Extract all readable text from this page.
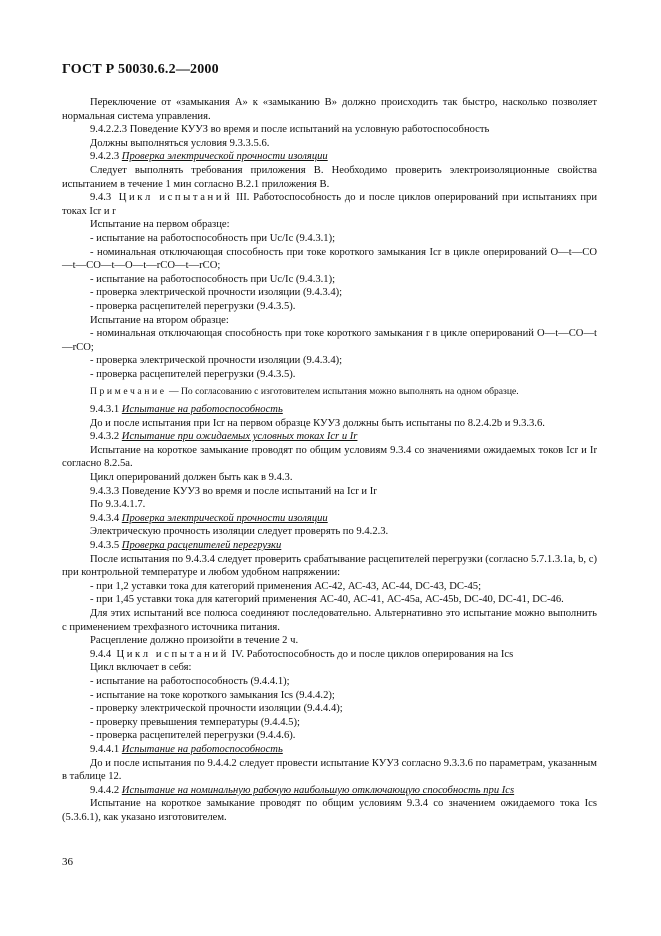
ГОСТ Р 50030.6.2—2000

Переключение от «замыкания А» к «замыканию В» должно происходить так быстро, насколько позволяет нормальная система управления.

9.4.2.2.3 Поведение КУУЗ во время и после испытаний на условную работоспособность

Должны выполняться условия 9.3.3.5.6.

9.4.2.3 Проверка электрической прочности изоляции

Следует выполнять требования приложения В. Необходимо проверить электроизоляционные свойства испытанием в течение 1 мин согласно В.2.1 приложения В.

9.4.3 Цикл испытаний III. Работоспособность до и после циклов оперирований при испытаниях при токах Icr и r

Испытание на первом образце:

- испытание на работоспособность при Uc/Ic (9.4.3.1);

- номинальная отключающая способность при токе короткого замыкания Icr в цикле оперирований O—t—CO—t—CO—t—O—t—rCO—t—rCO;

- испытание на работоспособность при Uc/Ic (9.4.3.1);

- проверка электрической прочности изоляции (9.4.3.4);

- проверка расцепителей перегрузки (9.4.3.5).

Испытание на втором образце:

- номинальная отключающая способность при токе короткого замыкания r в цикле оперирований O—t—CO—t—rCO;

- проверка электрической прочности изоляции (9.4.3.4);

- проверка расцепителей перегрузки (9.4.3.5).

Примечание — По согласованию с изготовителем испытания можно выполнять на одном образце.

9.4.3.1 Испытание на работоспособность

До и после испытания при Icr на первом образце КУУЗ должны быть испытаны по 8.2.4.2b и 9.3.3.6.

9.4.3.2 Испытание при ожидаемых условных токах Icr и Ir

Испытание на короткое замыкание проводят по общим условиям 9.3.4 со значениями ожидаемых токов Icr и Ir согласно 8.2.5a.

Цикл оперирований должен быть как в 9.4.3.

9.4.3.3 Поведение КУУЗ во время и после испытаний на Icr и Ir

По 9.3.4.1.7.

9.4.3.4 Проверка электрической прочности изоляции

Электрическую прочность изоляции следует проверять по 9.4.2.3.

9.4.3.5 Проверка расцепителей перегрузки

После испытания по 9.4.3.4 следует проверить срабатывание расцепителей перегрузки (согласно 5.7.1.3.1a, b, c) при контрольной температуре и любом удобном напряжении:

- при 1,2 уставки тока для категорий применения АС-42, АС-43, АС-44, DC-43, DC-45;

- при 1,45 уставки тока для категорий применения АС-40, АС-41, АС-45a, АС-45b, DC-40, DC-41, DC-46.

Для этих испытаний все полюса соединяют последовательно. Альтернативно это испытание можно выполнить с применением трехфазного источника питания.

Расцепление должно произойти в течение 2 ч.

9.4.4 Цикл испытаний IV. Работоспособность до и после циклов оперирования на Ics

Цикл включает в себя:

- испытание на работоспособность (9.4.4.1);

- испытание на токе короткого замыкания Ics (9.4.4.2);

- проверку электрической прочности изоляции (9.4.4.4);

- проверку превышения температуры (9.4.4.5);

- проверка расцепителей перегрузки (9.4.4.6).

9.4.4.1 Испытание на работоспособность

До и после испытания по 9.4.4.2 следует провести испытание КУУЗ согласно 9.3.3.6 по параметрам, указанным в таблице 12.

9.4.4.2 Испытание на номинальную рабочую наибольшую отключающую способность при Ics

Испытание на короткое замыкание проводят по общим условиям 9.3.4 со значением ожидаемого тока Ics (5.3.6.1), как указано изготовителем.

36
